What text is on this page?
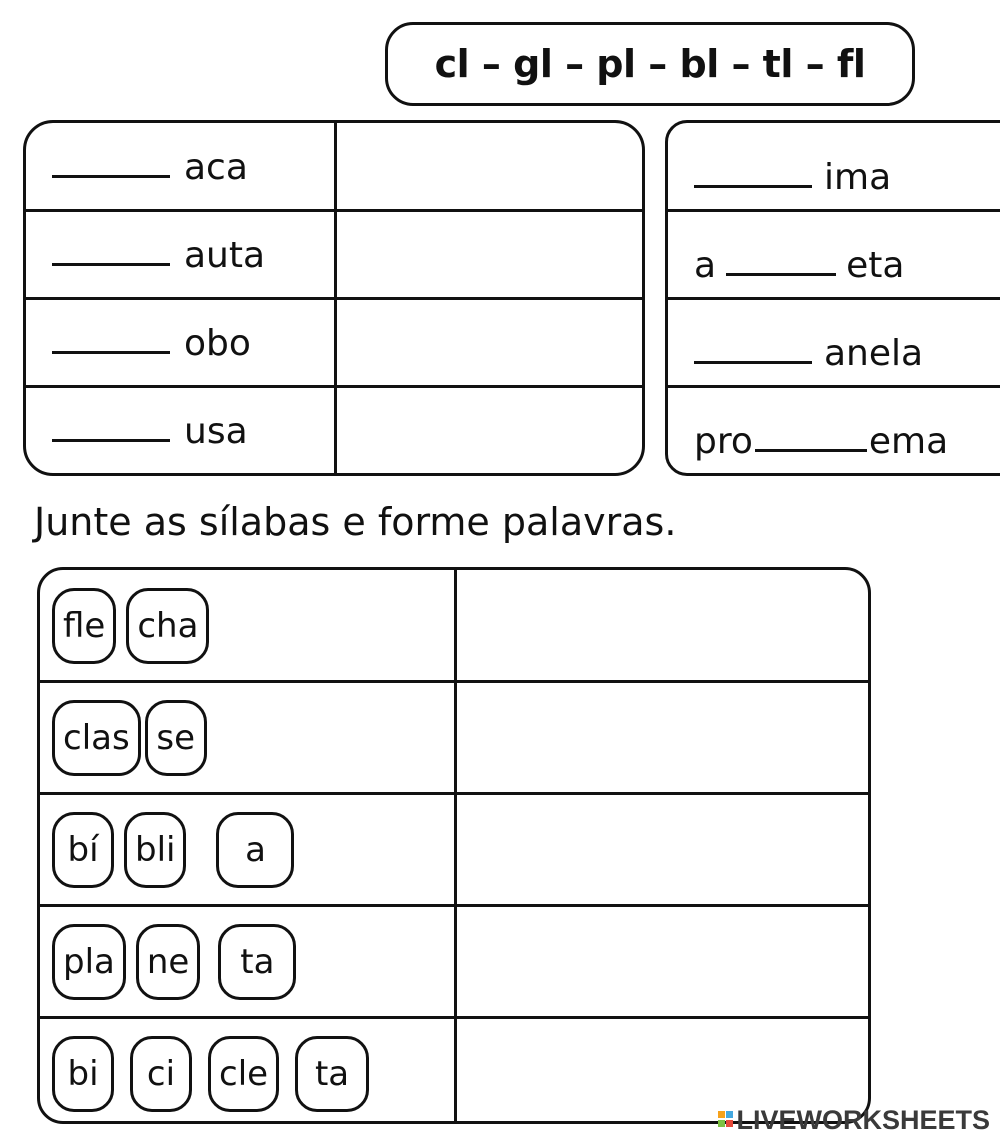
cl – gl – pl – bl – tl – fl
aca
auta
obo
usa
ima
a	eta
anela
pro	ema
Junte as sílabas e forme palavras.
fle cha
clas se
bí	bli	a
pla ne	ta
bi	ci	cle	ta
LIVEWORKSHEETS
